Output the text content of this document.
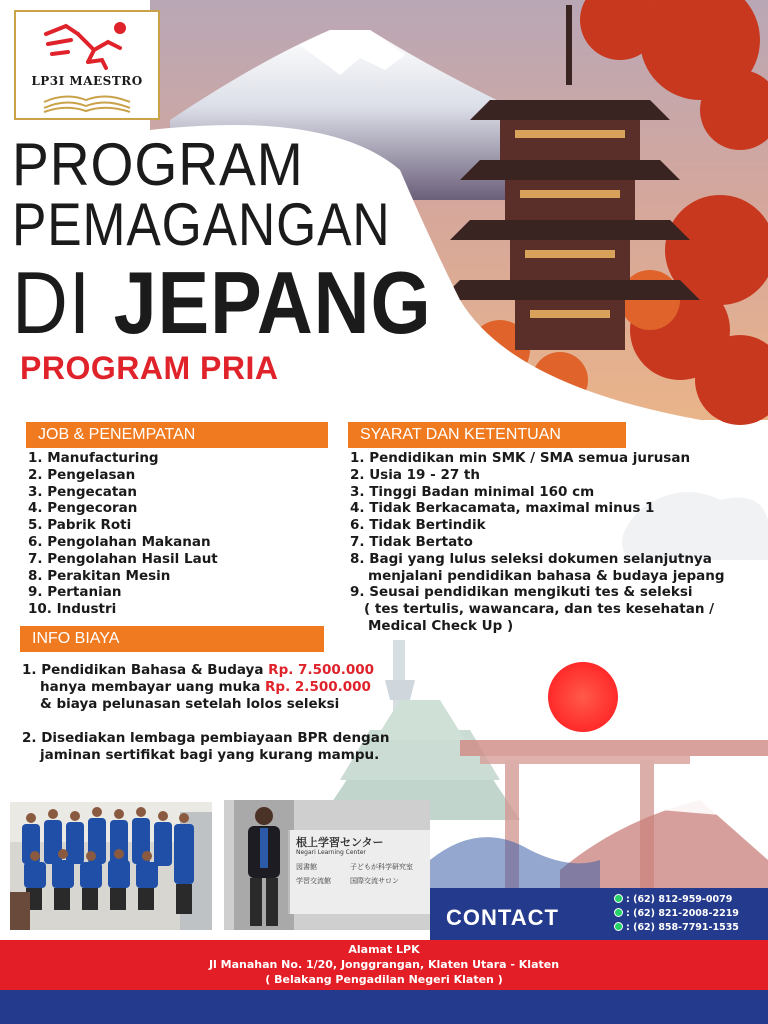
LP3I MAESTRO
PROGRAM
PEMAGANGAN
DI JEPANG
PROGRAM PRIA
JOB & PENEMPATAN
1. Manufacturing
2. Pengelasan
3. Pengecatan
4. Pengecoran
5. Pabrik Roti
6. Pengolahan Makanan
7. Pengolahan Hasil Laut
8. Perakitan Mesin
9. Pertanian
10. Industri
SYARAT DAN KETENTUAN
1. Pendidikan min SMK / SMA semua jurusan
2. Usia 19 - 27 th
3. Tinggi Badan minimal 160 cm
4. Tidak Berkacamata, maximal minus 1
6. Tidak Bertindik
7. Tidak Bertato
8. Bagi yang lulus seleksi dokumen selanjutnya
menjalani pendidikan bahasa & budaya jepang
9. Seusai pendidikan mengikuti tes & seleksi
( tes tertulis, wawancara, dan tes kesehatan /
Medical Check Up )
INFO BIAYA
1. Pendidikan Bahasa & Budaya Rp. 7.500.000
hanya membayar uang muka Rp. 2.500.000
& biaya pelunasan setelah lolos seleksi
2. Disediakan lembaga pembiayaan BPR dengan
jaminan sertifikat bagi yang kurang mampu.
根上学習センター
Negari Learning Center
図書館
学習交流館
子どもが科学研究室
国際交流サロン
CONTACT
: (62) 812-959-0079
: (62) 821-2008-2219
: (62) 858-7791-1535
Alamat LPK
Jl Manahan No. 1/20, Jonggrangan, Klaten Utara - Klaten
( Belakang Pengadilan Negeri Klaten )
